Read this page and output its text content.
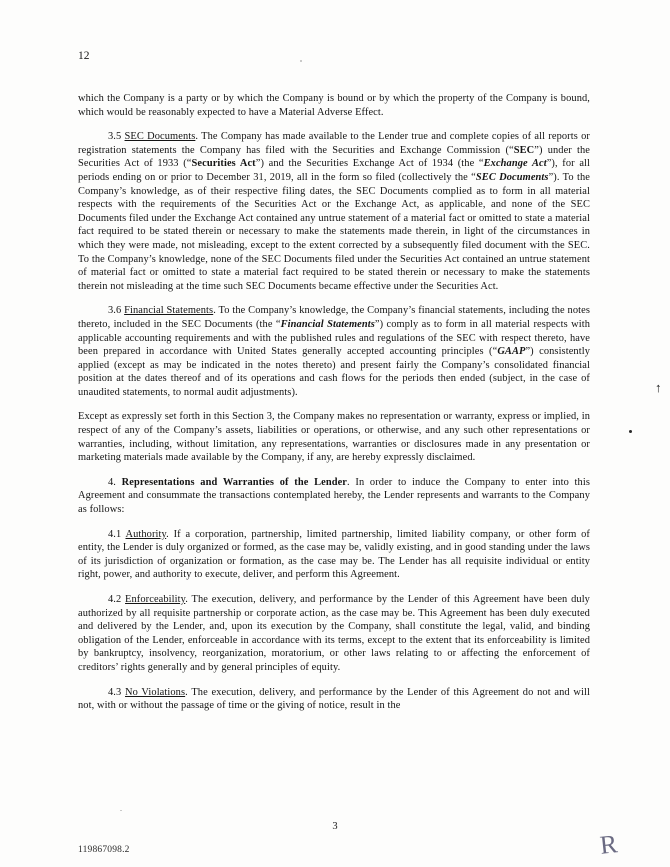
12

which the Company is a party or by which the Company is bound or by which the property of the Company is bound, which would be reasonably expected to have a Material Adverse Effect.

3.5 SEC Documents. The Company has made available to the Lender true and complete copies of all reports or registration statements the Company has filed with the Securities and Exchange Commission (“SEC”) under the Securities Act of 1933 (“Securities Act”) and the Securities Exchange Act of 1934 (the “Exchange Act”), for all periods ending on or prior to December 31, 2019, all in the form so filed (collectively the “SEC Documents”). To the Company’s knowledge, as of their respective filing dates, the SEC Documents complied as to form in all material respects with the requirements of the Securities Act or the Exchange Act, as applicable, and none of the SEC Documents filed under the Exchange Act contained any untrue statement of a material fact or omitted to state a material fact required to be stated therein or necessary to make the statements made therein, in light of the circumstances in which they were made, not misleading, except to the extent corrected by a subsequently filed document with the SEC. To the Company’s knowledge, none of the SEC Documents filed under the Securities Act contained an untrue statement of material fact or omitted to state a material fact required to be stated therein or necessary to make the statements therein not misleading at the time such SEC Documents became effective under the Securities Act.

3.6 Financial Statements. To the Company’s knowledge, the Company’s financial statements, including the notes thereto, included in the SEC Documents (the “Financial Statements”) comply as to form in all material respects with applicable accounting requirements and with the published rules and regulations of the SEC with respect thereto, have been prepared in accordance with United States generally accepted accounting principles (“GAAP”) consistently applied (except as may be indicated in the notes thereto) and present fairly the Company’s consolidated financial position at the dates thereof and of its operations and cash flows for the periods then ended (subject, in the case of unaudited statements, to normal audit adjustments).

Except as expressly set forth in this Section 3, the Company makes no representation or warranty, express or implied, in respect of any of the Company’s assets, liabilities or operations, or otherwise, and any such other representations or warranties, including, without limitation, any representations, warranties or disclosures made in any presentation or marketing materials made available by the Company, if any, are hereby expressly disclaimed.

4. Representations and Warranties of the Lender. In order to induce the Company to enter into this Agreement and consummate the transactions contemplated hereby, the Lender represents and warrants to the Company as follows:

4.1 Authority. If a corporation, partnership, limited partnership, limited liability company, or other form of entity, the Lender is duly organized or formed, as the case may be, validly existing, and in good standing under the laws of its jurisdiction of organization or formation, as the case may be. The Lender has all requisite individual or entity right, power, and authority to execute, deliver, and perform this Agreement.

4.2 Enforceability. The execution, delivery, and performance by the Lender of this Agreement have been duly authorized by all requisite partnership or corporate action, as the case may be. This Agreement has been duly executed and delivered by the Lender, and, upon its execution by the Company, shall constitute the legal, valid, and binding obligation of the Lender, enforceable in accordance with its terms, except to the extent that its enforceability is limited by bankruptcy, insolvency, reorganization, moratorium, or other laws relating to or affecting the enforcement of creditors’ rights generally and by general principles of equity.

4.3 No Violations. The execution, delivery, and performance by the Lender of this Agreement do not and will not, with or without the passage of time or the giving of notice, result in the

↑
3
119867098.2	R
